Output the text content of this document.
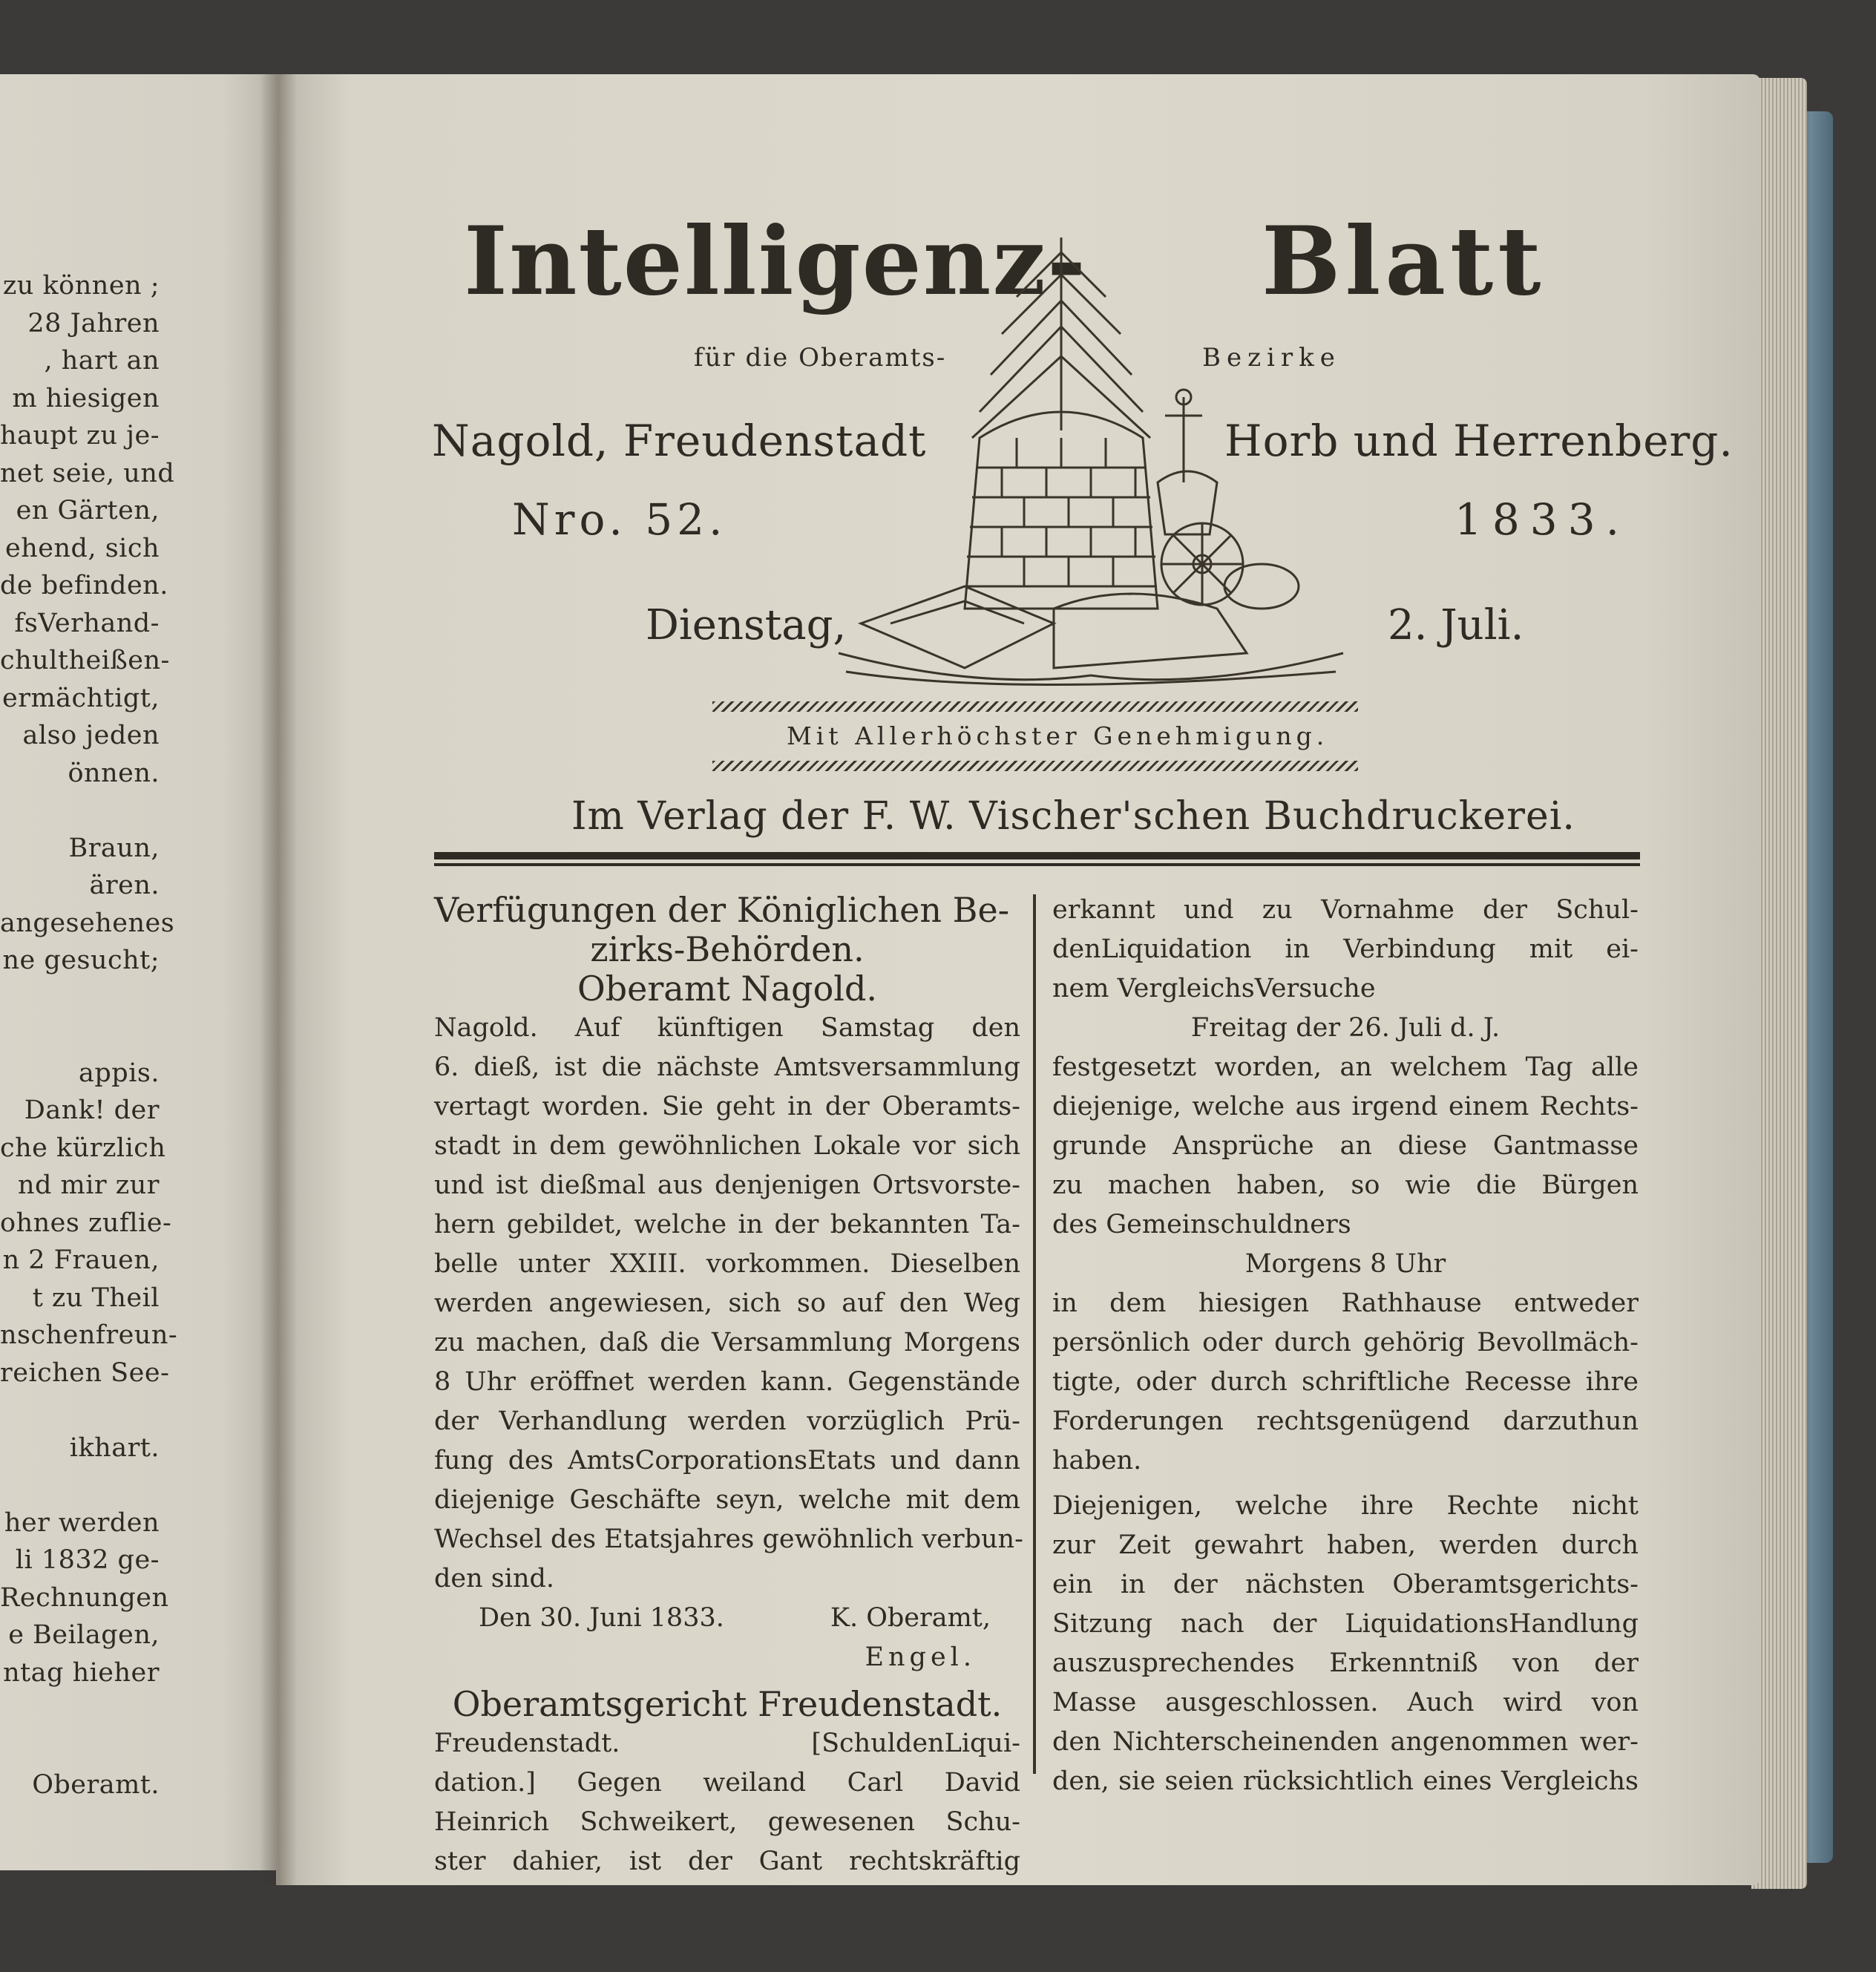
zu können ;
28 Jahren
, hart an
m hiesigen
haupt zu je-
net seie, und
en Gärten,
ehend, sich
de befinden.
fsVerhand-
chultheißen-
ermächtigt,
also jeden
önnen.
Braun,
ären.
angesehenes
ne gesucht;
appis.
Dank! der
che kürzlich
nd mir zur
ohnes zuflie-
n 2 Frauen,
t zu Theil
nschenfreun-
reichen See-
ikhart.
her werden
li 1832 ge-
Rechnungen
e Beilagen,
ntag hieher
Oberamt.
Intelligenz- Blatt
für die Oberamts-	Bezirke
Nagold, Freudenstadt	Horb und Herrenberg.
Nro. 52.	1833.
Dienstag,	2. Juli.
Mit Allerhöchster Genehmigung.
Im Verlag der F. W. Vischer'schen Buchdruckerei.
Verfügungen der Königlichen Be-
zirks-Behörden.
Oberamt Nagold.
Nagold. Auf künftigen Samstag den
6. dieß, ist die nächste Amtsversammlung
vertagt worden. Sie geht in der Oberamts-
stadt in dem gewöhnlichen Lokale vor sich
und ist dießmal aus denjenigen Ortsvorste-
hern gebildet, welche in der bekannten Ta-
belle unter XXIII. vorkommen. Dieselben
werden angewiesen, sich so auf den Weg
zu machen, daß die Versammlung Morgens
8 Uhr eröffnet werden kann. Gegenstände
der Verhandlung werden vorzüglich Prü-
fung des AmtsCorporationsEtats und dann
diejenige Geschäfte seyn, welche mit dem
Wechsel des Etatsjahres gewöhnlich verbun-
den sind.
Den 30. Juni 1833.	K. Oberamt,
Engel.
Oberamtsgericht Freudenstadt.
Freudenstadt. [SchuldenLiqui-
dation.] Gegen weiland Carl David
Heinrich Schweikert, gewesenen Schu-
ster dahier, ist der Gant rechtskräftig
erkannt und zu Vornahme der Schul-
denLiquidation in Verbindung mit ei-
nem VergleichsVersuche
Freitag der 26. Juli d. J.
festgesetzt worden, an welchem Tag alle
diejenige, welche aus irgend einem Rechts-
grunde Ansprüche an diese Gantmasse
zu machen haben, so wie die Bürgen
des Gemeinschuldners
Morgens 8 Uhr
in dem hiesigen Rathhause entweder
persönlich oder durch gehörig Bevollmäch-
tigte, oder durch schriftliche Recesse ihre
Forderungen rechtsgenügend darzuthun
haben.
Diejenigen, welche ihre Rechte nicht
zur Zeit gewahrt haben, werden durch
ein in der nächsten Oberamtsgerichts-
Sitzung nach der LiquidationsHandlung
auszusprechendes Erkenntniß von der
Masse ausgeschlossen. Auch wird von
den Nichterscheinenden angenommen wer-
den, sie seien rücksichtlich eines Vergleichs
